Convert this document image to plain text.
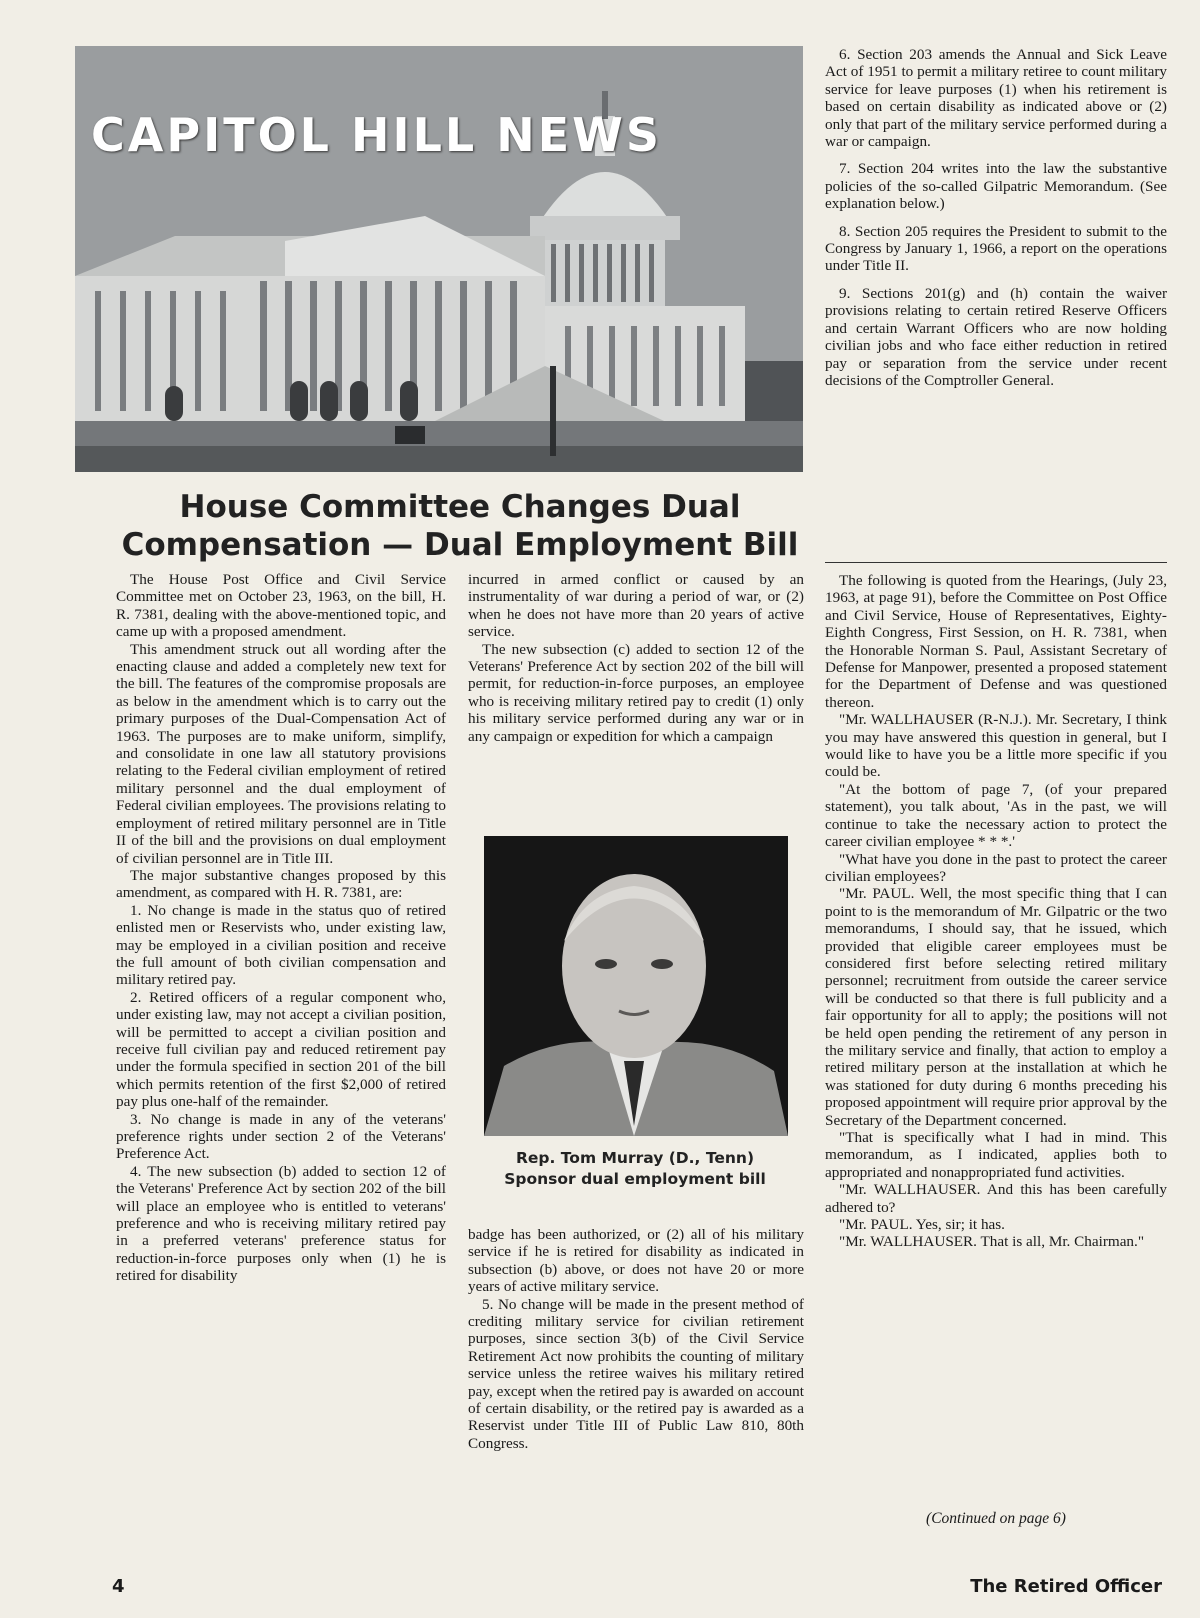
CAPITOL HILL NEWS
House Committee Changes Dual
Compensation — Dual Employment Bill

The House Post Office and Civil Service Committee met on October 23, 1963, on the bill, H. R. 7381, dealing with the above-mentioned topic, and came up with a proposed amendment.

This amendment struck out all wording after the enacting clause and added a completely new text for the bill. The features of the compromise proposals are as below in the amendment which is to carry out the primary purposes of the Dual-Compensation Act of 1963. The purposes are to make uniform, simplify, and consolidate in one law all statutory provisions relating to the Federal civilian employment of retired military personnel and the dual employment of Federal civilian employees. The provisions relating to employment of retired military personnel are in Title II of the bill and the provisions on dual employment of civilian personnel are in Title III.

The major substantive changes proposed by this amendment, as compared with H. R. 7381, are:

1. No change is made in the status quo of retired enlisted men or Reservists who, under existing law, may be employed in a civilian position and receive the full amount of both civilian compensation and military retired pay.

2. Retired officers of a regular component who, under existing law, may not accept a civilian position, will be permitted to accept a civilian position and receive full civilian pay and reduced retirement pay under the formula specified in section 201 of the bill which permits retention of the first $2,000 of retired pay plus one-half of the remainder.

3. No change is made in any of the veterans' preference rights under section 2 of the Veterans' Preference Act.

4. The new subsection (b) added to section 12 of the Veterans' Preference Act by section 202 of the bill will place an employee who is entitled to veterans' preference and who is receiving military retired pay in a preferred veterans' preference status for reduction-in-force purposes only when (1) he is retired for disability

incurred in armed conflict or caused by an instrumentality of war during a period of war, or (2) when he does not have more than 20 years of active service.

The new subsection (c) added to section 12 of the Veterans' Preference Act by section 202 of the bill will permit, for reduction-in-force purposes, an employee who is receiving military retired pay to credit (1) only his military service performed during any war or in any campaign or expedition for which a campaign

Rep. Tom Murray (D., Tenn)
Sponsor dual employment bill

badge has been authorized, or (2) all of his military service if he is retired for disability as indicated in subsection (b) above, or does not have 20 or more years of active military service.

5. No change will be made in the present method of crediting military service for civilian retirement purposes, since section 3(b) of the Civil Service Retirement Act now prohibits the counting of military service unless the retiree waives his military retired pay, except when the retired pay is awarded on account of certain disability, or the retired pay is awarded as a Reservist under Title III of Public Law 810, 80th Congress.

6. Section 203 amends the Annual and Sick Leave Act of 1951 to permit a military retiree to count military service for leave purposes (1) when his retirement is based on certain disability as indicated above or (2) only that part of the military service performed during a war or campaign.

7. Section 204 writes into the law the substantive policies of the so-called Gilpatric Memorandum. (See explanation below.)

8. Section 205 requires the President to submit to the Congress by January 1, 1966, a report on the operations under Title II.

9. Sections 201(g) and (h) contain the waiver provisions relating to certain retired Reserve Officers and certain Warrant Officers who are now holding civilian jobs and who face either reduction in retired pay or separation from the service under recent decisions of the Comptroller General.

The following is quoted from the Hearings, (July 23, 1963, at page 91), before the Committee on Post Office and Civil Service, House of Representatives, Eighty-Eighth Congress, First Session, on H. R. 7381, when the Honorable Norman S. Paul, Assistant Secretary of Defense for Manpower, presented a proposed statement for the Department of Defense and was questioned thereon.

"Mr. WALLHAUSER (R-N.J.). Mr. Secretary, I think you may have answered this question in general, but I would like to have you be a little more specific if you could be.

"At the bottom of page 7, (of your prepared statement), you talk about, 'As in the past, we will continue to take the necessary action to protect the career civilian employee * * *.'

"What have you done in the past to protect the career civilian employees?

"Mr. PAUL. Well, the most specific thing that I can point to is the memorandum of Mr. Gilpatric or the two memorandums, I should say, that he issued, which provided that eligible career employees must be considered first before selecting retired military personnel; recruitment from outside the career service will be conducted so that there is full publicity and a fair opportunity for all to apply; the positions will not be held open pending the retirement of any person in the military service and finally, that action to employ a retired military person at the installation at which he was stationed for duty during 6 months preceding his proposed appointment will require prior approval by the Secretary of the Department concerned.

"That is specifically what I had in mind. This memorandum, as I indicated, applies both to appropriated and nonappropriated fund activities.

"Mr. WALLHAUSER. And this has been carefully adhered to?

"Mr. PAUL. Yes, sir; it has.

"Mr. WALLHAUSER. That is all, Mr. Chairman."

(Continued on page 6)
4	The Retired Officer
